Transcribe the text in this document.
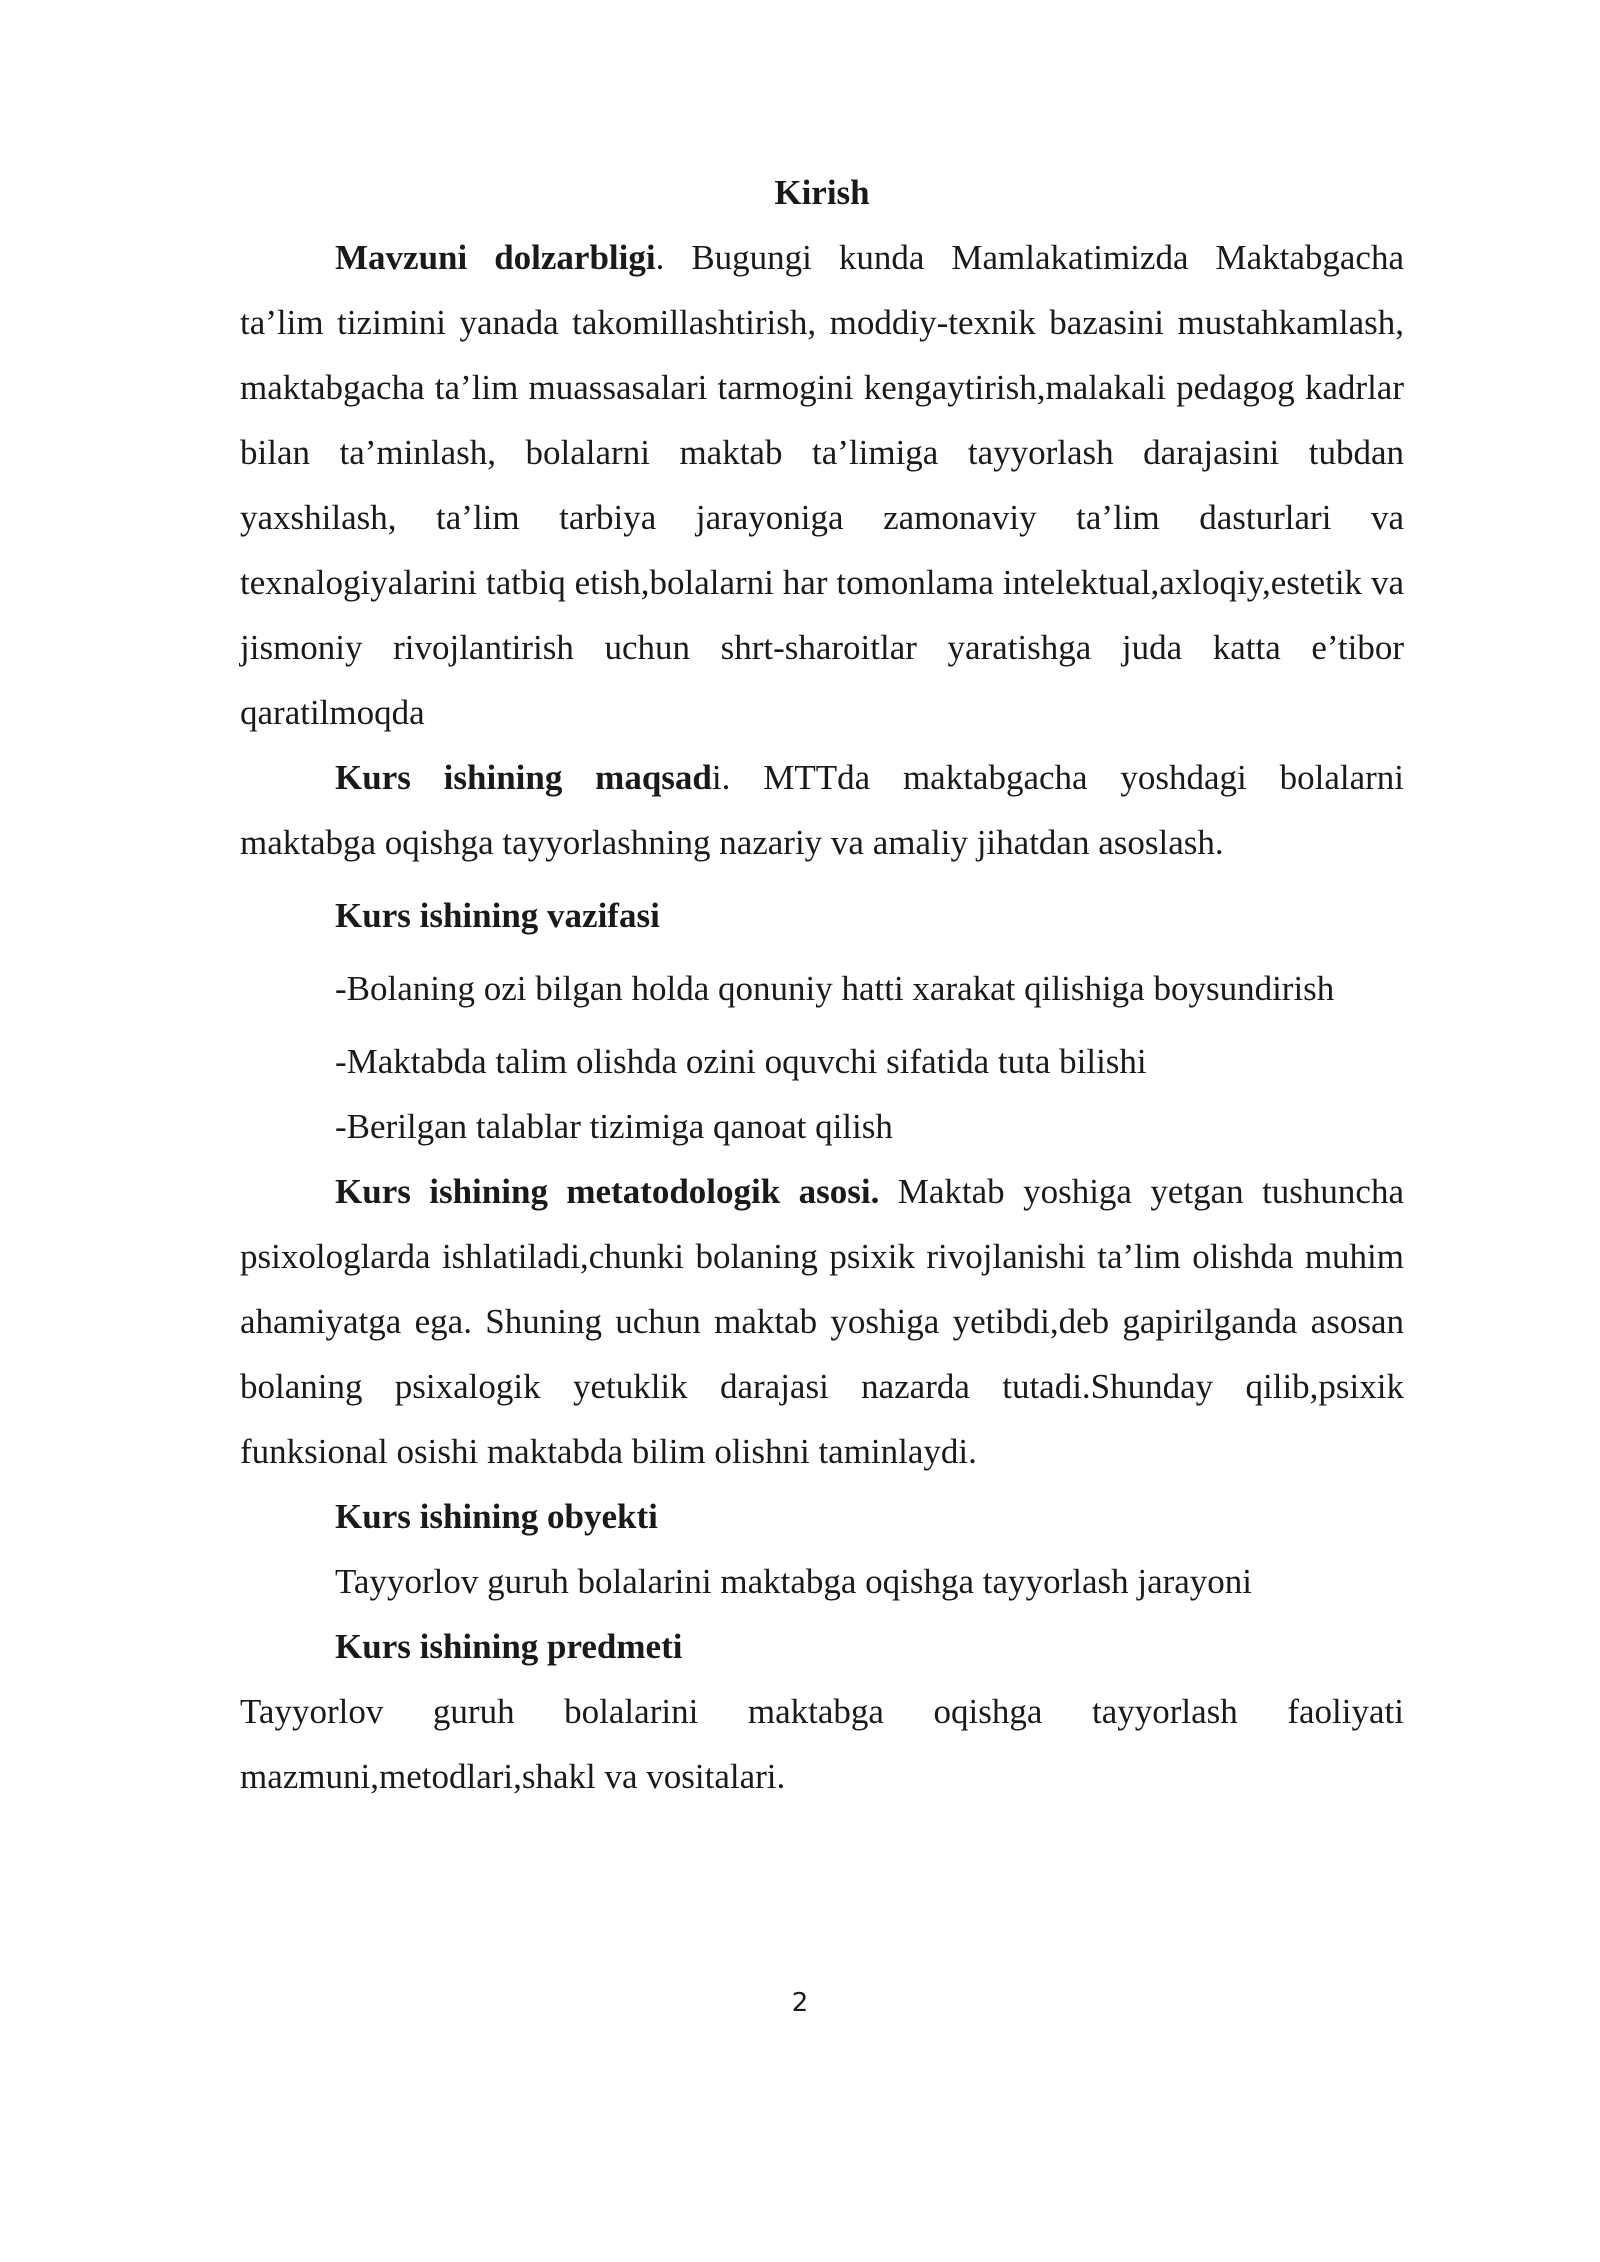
Kirish

Mavzuni dolzarbligi. Bugungi kunda Mamlakatimizda Maktabgacha ta’lim tizimini yanada takomillashtirish, moddiy-texnik bazasini mustahkamlash, maktabgacha ta’lim muassasalari tarmogini kengaytirish,malakali pedagog kadrlar bilan ta’minlash, bolalarni maktab ta’limiga tayyorlash darajasini tubdan yaxshilash, ta’lim tarbiya jarayoniga zamonaviy ta’lim dasturlari va texnalogiyalarini tatbiq etish,bolalarni har tomonlama intelektual,axloqiy,estetik va jismoniy rivojlantirish uchun shrt-sharoitlar yaratishga juda katta e’tibor qaratilmoqda

Kurs ishining maqsadi. MTTda maktabgacha yoshdagi bolalarni maktabga oqishga tayyorlashning nazariy va amaliy jihatdan asoslash.

Kurs ishining vazifasi

-Bolaning ozi bilgan holda qonuniy hatti xarakat qilishiga boysundirish

-Maktabda talim olishda ozini oquvchi sifatida tuta bilishi

-Berilgan talablar tizimiga qanoat qilish

Kurs ishining metatodologik asosi. Maktab yoshiga yetgan tushuncha psixologlarda ishlatiladi,chunki bolaning psixik rivojlanishi ta’lim olishda muhim ahamiyatga ega. Shuning uchun maktab yoshiga yetibdi,deb gapirilganda asosan bolaning psixalogik yetuklik darajasi nazarda tutadi.Shunday qilib,psixik funksional osishi maktabda bilim olishni taminlaydi.

Kurs ishining obyekti

Tayyorlov guruh bolalarini maktabga oqishga tayyorlash jarayoni

Kurs ishining predmeti

Tayyorlov guruh bolalarini maktabga oqishga tayyorlash faoliyati mazmuni,metodlari,shakl va vositalari.

2
